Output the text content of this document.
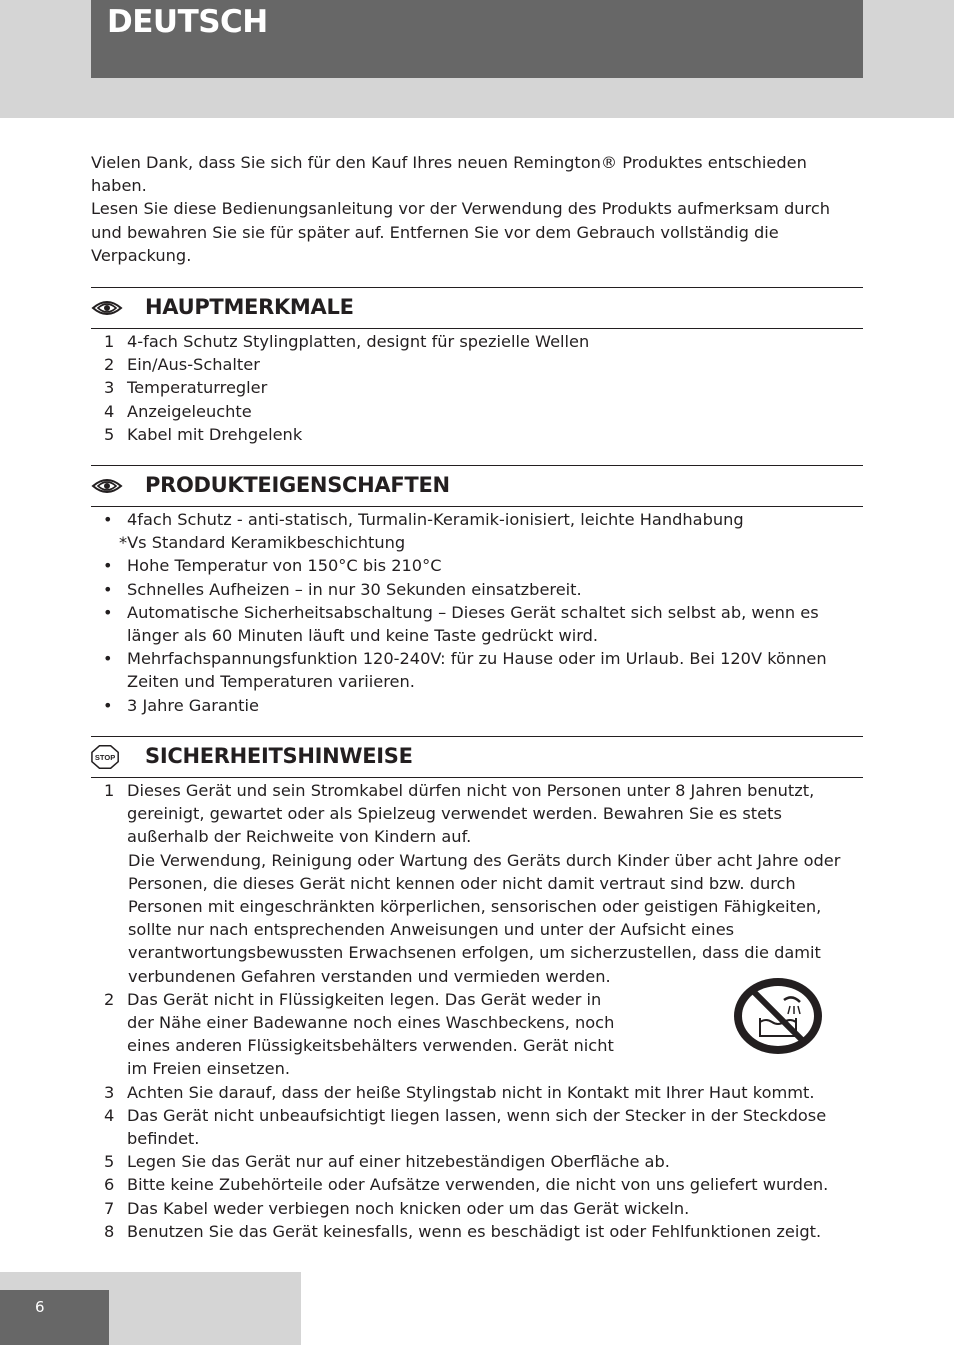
DEUTSCH

Vielen Dank, dass Sie sich für den Kauf Ihres neuen Remington® Produktes entschieden haben.

Lesen Sie diese Bedienungsanleitung vor der Verwendung des Produkts aufmerksam durch und bewahren Sie sie für später auf. Entfernen Sie vor dem Gebrauch vollständig die Verpackung.

HAUPTMERKMALE
1 4-fach Schutz Stylingplatten, designt für spezielle Wellen
2 Ein/Aus-Schalter
3 Temperaturregler
4 Anzeigeleuchte
5 Kabel mit Drehgelenk
PRODUKTEIGENSCHAFTEN
• 4fach Schutz - anti-statisch, Turmalin-Keramik-ionisiert, leichte Handhabung
*Vs Standard Keramikbeschichtung
• Hohe Temperatur von 150°C bis 210°C
• Schnelles Aufheizen – in nur 30 Sekunden einsatzbereit.
• Automatische Sicherheitsabschaltung – Dieses Gerät schaltet sich selbst ab, wenn es länger als 60 Minuten läuft und keine Taste gedrückt wird.
• Mehrfachspannungsfunktion 120-240V: für zu Hause oder im Urlaub. Bei 120V können Zeiten und Temperaturen variieren.
• 3 Jahre Garantie
STOP SICHERHEITSHINWEISE
1 Dieses Gerät und sein Stromkabel dürfen nicht von Personen unter 8 Jahren benutzt, gereinigt, gewartet oder als Spielzeug verwendet werden. Bewahren Sie es stets außerhalb der Reichweite von Kindern auf.
Die Verwendung, Reinigung oder Wartung des Geräts durch Kinder über acht Jahre oder Personen, die dieses Gerät nicht kennen oder nicht damit vertraut sind bzw. durch Personen mit eingeschränkten körperlichen, sensorischen oder geistigen Fähigkeiten, sollte nur nach entsprechenden Anweisungen und unter der Aufsicht eines verantwortungsbewussten Erwachsenen erfolgen, um sicherzustellen, dass die damit verbundenen Gefahren verstanden und vermieden werden.
2 Das Gerät nicht in Flüssigkeiten legen. Das Gerät weder in der Nähe einer Badewanne noch eines Waschbeckens, noch eines anderen Flüssigkeitsbehälters verwenden. Gerät nicht im Freien einsetzen.
3 Achten Sie darauf, dass der heiße Stylingstab nicht in Kontakt mit Ihrer Haut kommt.
4 Das Gerät nicht unbeaufsichtigt liegen lassen, wenn sich der Stecker in der Steckdose befindet.
5 Legen Sie das Gerät nur auf einer hitzebeständigen Oberfläche ab.
6 Bitte keine Zubehörteile oder Aufsätze verwenden, die nicht von uns geliefert wurden.
7 Das Kabel weder verbiegen noch knicken oder um das Gerät wickeln.
8 Benutzen Sie das Gerät keinesfalls, wenn es beschädigt ist oder Fehlfunktionen zeigt.
6
